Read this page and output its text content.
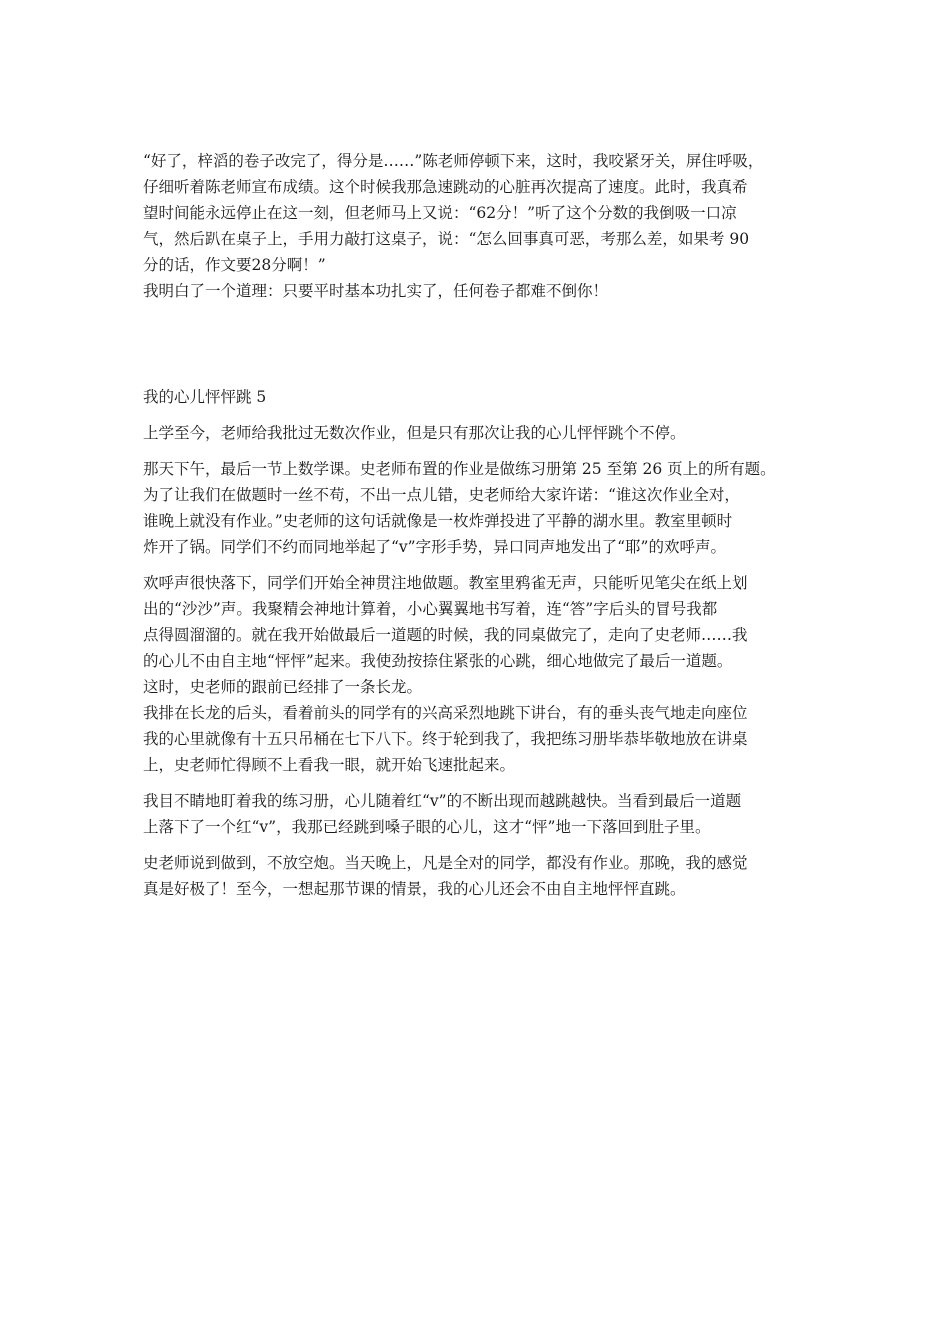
“好了，梓滔的卷子改完了，得分是……”陈老师停顿下来，这时，我咬紧牙关，屏住呼吸，
仔细听着陈老师宣布成绩。这个时候我那急速跳动的心脏再次提高了速度。此时，我真希
望时间能永远停止在这一刻，但老师马上又说：“62分！”听了这个分数的我倒吸一口凉
气，然后趴在桌子上，手用力敲打这桌子，说：“怎么回事真可恶，考那么差，如果考 90
分的话，作文要28分啊！”
我明白了一个道理：只要平时基本功扎实了，任何卷子都难不倒你！
我的心儿怦怦跳 5
上学至今，老师给我批过无数次作业，但是只有那次让我的心儿怦怦跳个不停。
那天下午，最后一节上数学课。史老师布置的作业是做练习册第 25 至第 26 页上的所有题。
为了让我们在做题时一丝不苟，不出一点儿错，史老师给大家许诺：“谁这次作业全对，
谁晚上就没有作业。”史老师的这句话就像是一枚炸弹投进了平静的湖水里。教室里顿时
炸开了锅。同学们不约而同地举起了“v”字形手势，异口同声地发出了“耶”的欢呼声。
欢呼声很快落下，同学们开始全神贯注地做题。教室里鸦雀无声，只能听见笔尖在纸上划
出的“沙沙”声。我聚精会神地计算着，小心翼翼地书写着，连“答”字后头的冒号我都
点得圆溜溜的。就在我开始做最后一道题的时候，我的同桌做完了，走向了史老师……我
的心儿不由自主地“怦怦”起来。我使劲按捺住紧张的心跳，细心地做完了最后一道题。
这时，史老师的跟前已经排了一条长龙。
我排在长龙的后头，看着前头的同学有的兴高采烈地跳下讲台，有的垂头丧气地走向座位
我的心里就像有十五只吊桶在七下八下。终于轮到我了，我把练习册毕恭毕敬地放在讲桌
上，史老师忙得顾不上看我一眼，就开始飞速批起来。
我目不睛地盯着我的练习册，心儿随着红“v”的不断出现而越跳越快。当看到最后一道题
上落下了一个红“v”，我那已经跳到嗓子眼的心儿，这才“怦”地一下落回到肚子里。
史老师说到做到，不放空炮。当天晚上，凡是全对的同学，都没有作业。那晚，我的感觉
真是好极了！至今，一想起那节课的情景，我的心儿还会不由自主地怦怦直跳。
